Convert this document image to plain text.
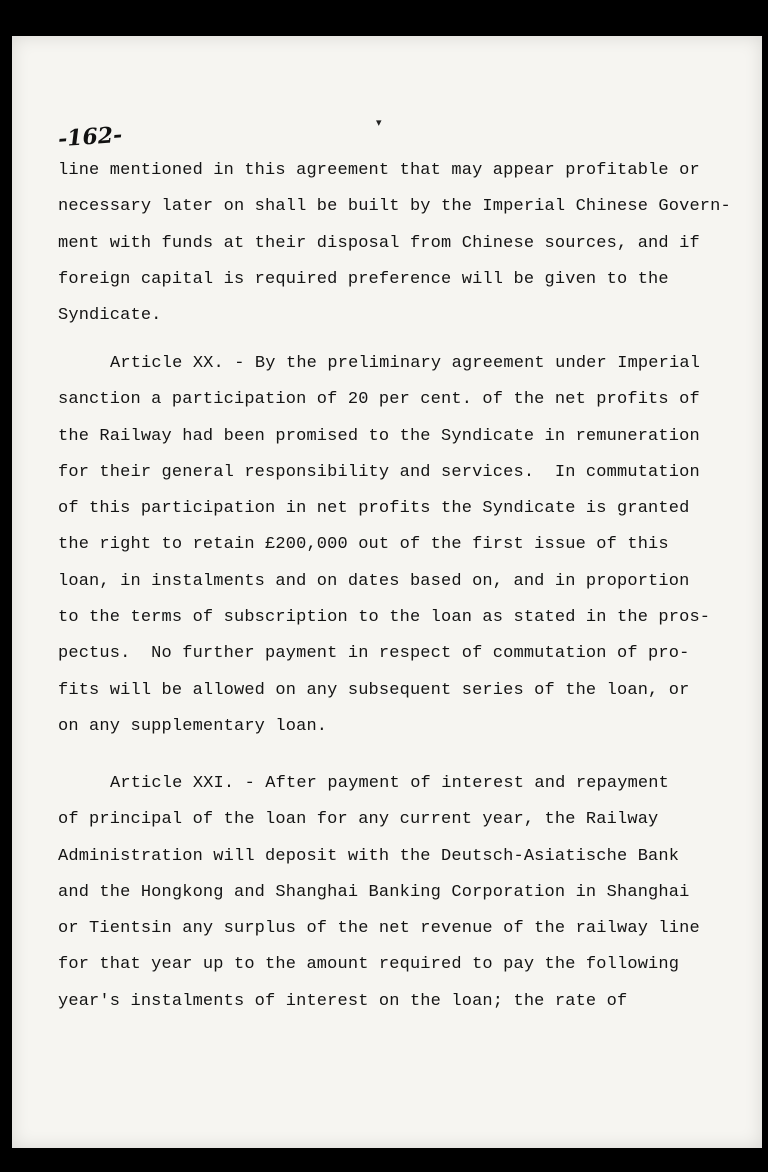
-162-	▾
line mentioned in this agreement that may appear profitable or
necessary later on shall be built by the Imperial Chinese Govern-
ment with funds at their disposal from Chinese sources, and if
foreign capital is required preference will be given to the
Syndicate.
Article XX. - By the preliminary agreement under Imperial
sanction a participation of 20 per cent. of the net profits of
the Railway had been promised to the Syndicate in remuneration
for their general responsibility and services.  In commutation
of this participation in net profits the Syndicate is granted
the right to retain £200,000 out of the first issue of this
loan, in instalments and on dates based on, and in proportion
to the terms of subscription to the loan as stated in the pros-
pectus.  No further payment in respect of commutation of pro-
fits will be allowed on any subsequent series of the loan, or
on any supplementary loan.
Article XXI. - After payment of interest and repayment
of principal of the loan for any current year, the Railway
Administration will deposit with the Deutsch-Asiatische Bank
and the Hongkong and Shanghai Banking Corporation in Shanghai
or Tientsin any surplus of the net revenue of the railway line
for that year up to the amount required to pay the following
year's instalments of interest on the loan; the rate of
